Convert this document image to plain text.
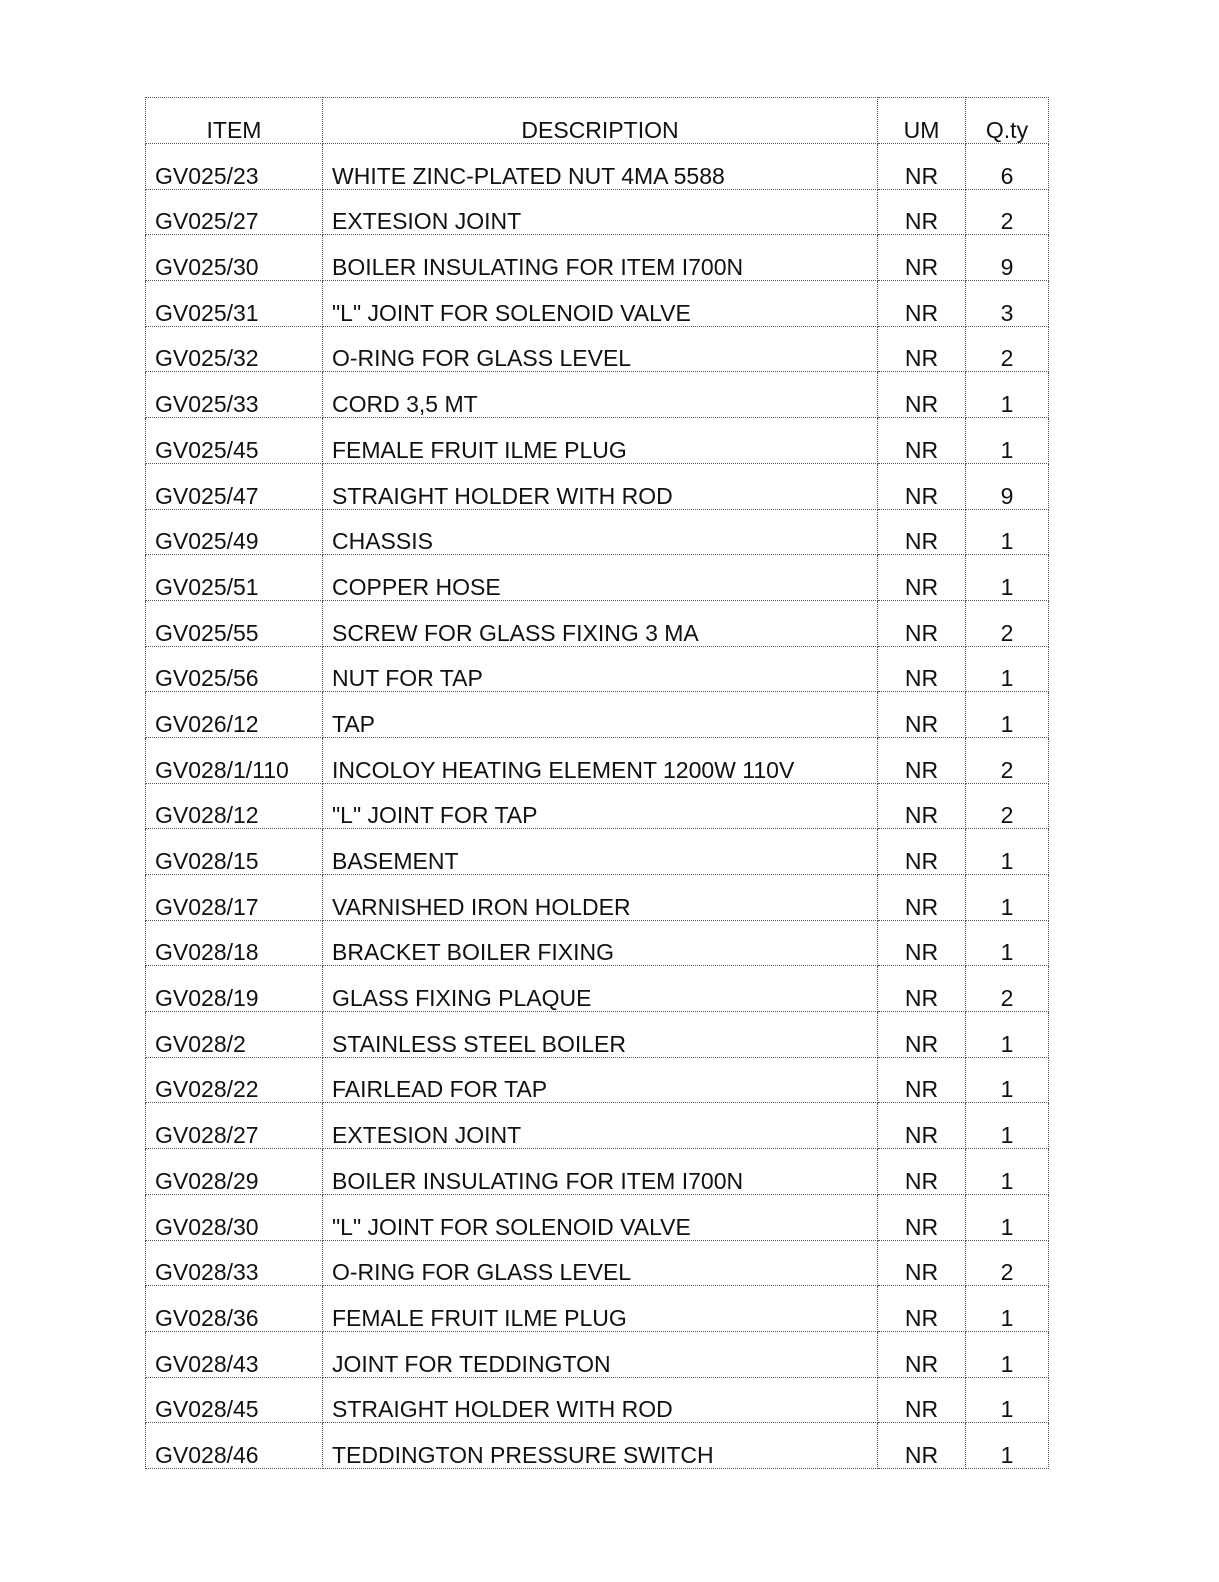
ITEM	DESCRIPTION	UM	Q.ty
GV025/23	WHITE ZINC-PLATED NUT 4MA 5588	NR	6
GV025/27	EXTESION JOINT	NR	2
GV025/30	BOILER INSULATING FOR ITEM I700N	NR	9
GV025/31	"L" JOINT FOR SOLENOID VALVE	NR	3
GV025/32	O-RING FOR GLASS LEVEL	NR	2
GV025/33	CORD 3,5 MT	NR	1
GV025/45	FEMALE FRUIT ILME PLUG	NR	1
GV025/47	STRAIGHT HOLDER WITH ROD	NR	9
GV025/49	CHASSIS	NR	1
GV025/51	COPPER HOSE	NR	1
GV025/55	SCREW FOR GLASS FIXING 3 MA	NR	2
GV025/56	NUT FOR TAP	NR	1
GV026/12	TAP	NR	1
GV028/1/110	INCOLOY HEATING ELEMENT 1200W 110V	NR	2
GV028/12	"L" JOINT FOR TAP	NR	2
GV028/15	BASEMENT	NR	1
GV028/17	VARNISHED IRON HOLDER	NR	1
GV028/18	BRACKET BOILER FIXING	NR	1
GV028/19	GLASS FIXING PLAQUE	NR	2
GV028/2	STAINLESS STEEL BOILER	NR	1
GV028/22	FAIRLEAD FOR TAP	NR	1
GV028/27	EXTESION JOINT	NR	1
GV028/29	BOILER INSULATING FOR ITEM I700N	NR	1
GV028/30	"L" JOINT FOR SOLENOID VALVE	NR	1
GV028/33	O-RING FOR GLASS LEVEL	NR	2
GV028/36	FEMALE FRUIT ILME PLUG	NR	1
GV028/43	JOINT FOR TEDDINGTON	NR	1
GV028/45	STRAIGHT HOLDER WITH ROD	NR	1
GV028/46	TEDDINGTON PRESSURE SWITCH	NR	1
